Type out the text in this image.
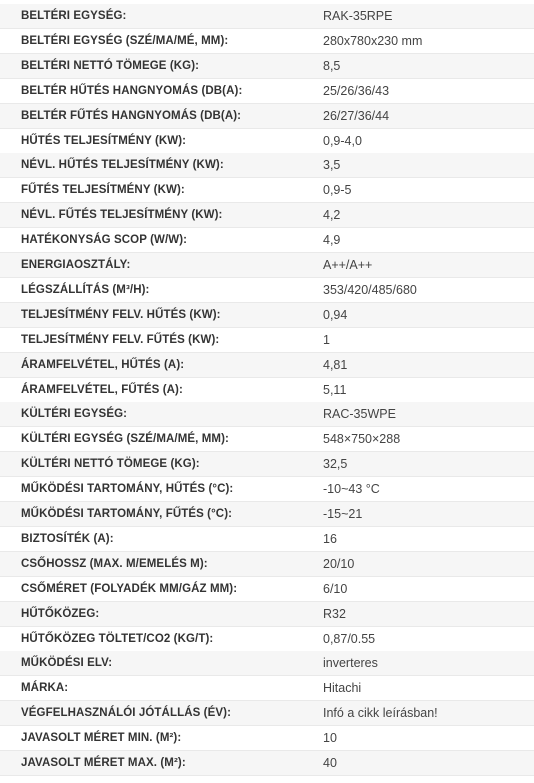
BELTÉRI EGYSÉG:	RAK-35RPE
BELTÉRI EGYSÉG (SZÉ/MA/MÉ, MM):	280x780x230 mm
BELTÉRI NETTÓ TÖMEGE (KG):	8,5
BELTÉR HŰTÉS HANGNYOMÁS (DB(A):	25/26/36/43
BELTÉR FŰTÉS HANGNYOMÁS (DB(A):	26/27/36/44
HŰTÉS TELJESÍTMÉNY (KW):	0,9-4,0
NÉVL. HŰTÉS TELJESÍTMÉNY (KW):	3,5
FŰTÉS TELJESÍTMÉNY (KW):	0,9-5
NÉVL. FŰTÉS TELJESÍTMÉNY (KW):	4,2
HATÉKONYSÁG SCOP (W/W):	4,9
ENERGIAOSZTÁLY:	A++/A++
LÉGSZÁLLÍTÁS (M³/H):	353/420/485/680
TELJESÍTMÉNY FELV. HŰTÉS (KW):	0,94
TELJESÍTMÉNY FELV. FŰTÉS (KW):	1
ÁRAMFELVÉTEL, HŰTÉS (A):	4,81
ÁRAMFELVÉTEL, FŰTÉS (A):	5,11
KÜLTÉRI EGYSÉG:	RAC-35WPE
KÜLTÉRI EGYSÉG (SZÉ/MA/MÉ, MM):	548×750×288
KÜLTÉRI NETTÓ TÖMEGE (KG):	32,5
MŰKÖDÉSI TARTOMÁNY, HŰTÉS (°C):	-10~43 °C
MŰKÖDÉSI TARTOMÁNY, FŰTÉS (°C):	-15~21
BIZTOSÍTÉK (A):	16
CSŐHOSSZ (MAX. M/EMELÉS M):	20/10
CSŐMÉRET (FOLYADÉK MM/GÁZ MM):	6/10
HŰTŐKÖZEG:	R32
HŰTŐKÖZEG TÖLTET/CO2 (KG/T):	0,87/0.55
MŰKÖDÉSI ELV:	inverteres
MÁRKA:	Hitachi
VÉGFELHASZNÁLÓI JÓTÁLLÁS (ÉV):	Infó a cikk leírásban!
JAVASOLT MÉRET MIN. (M²):	10
JAVASOLT MÉRET MAX. (M²):	40
